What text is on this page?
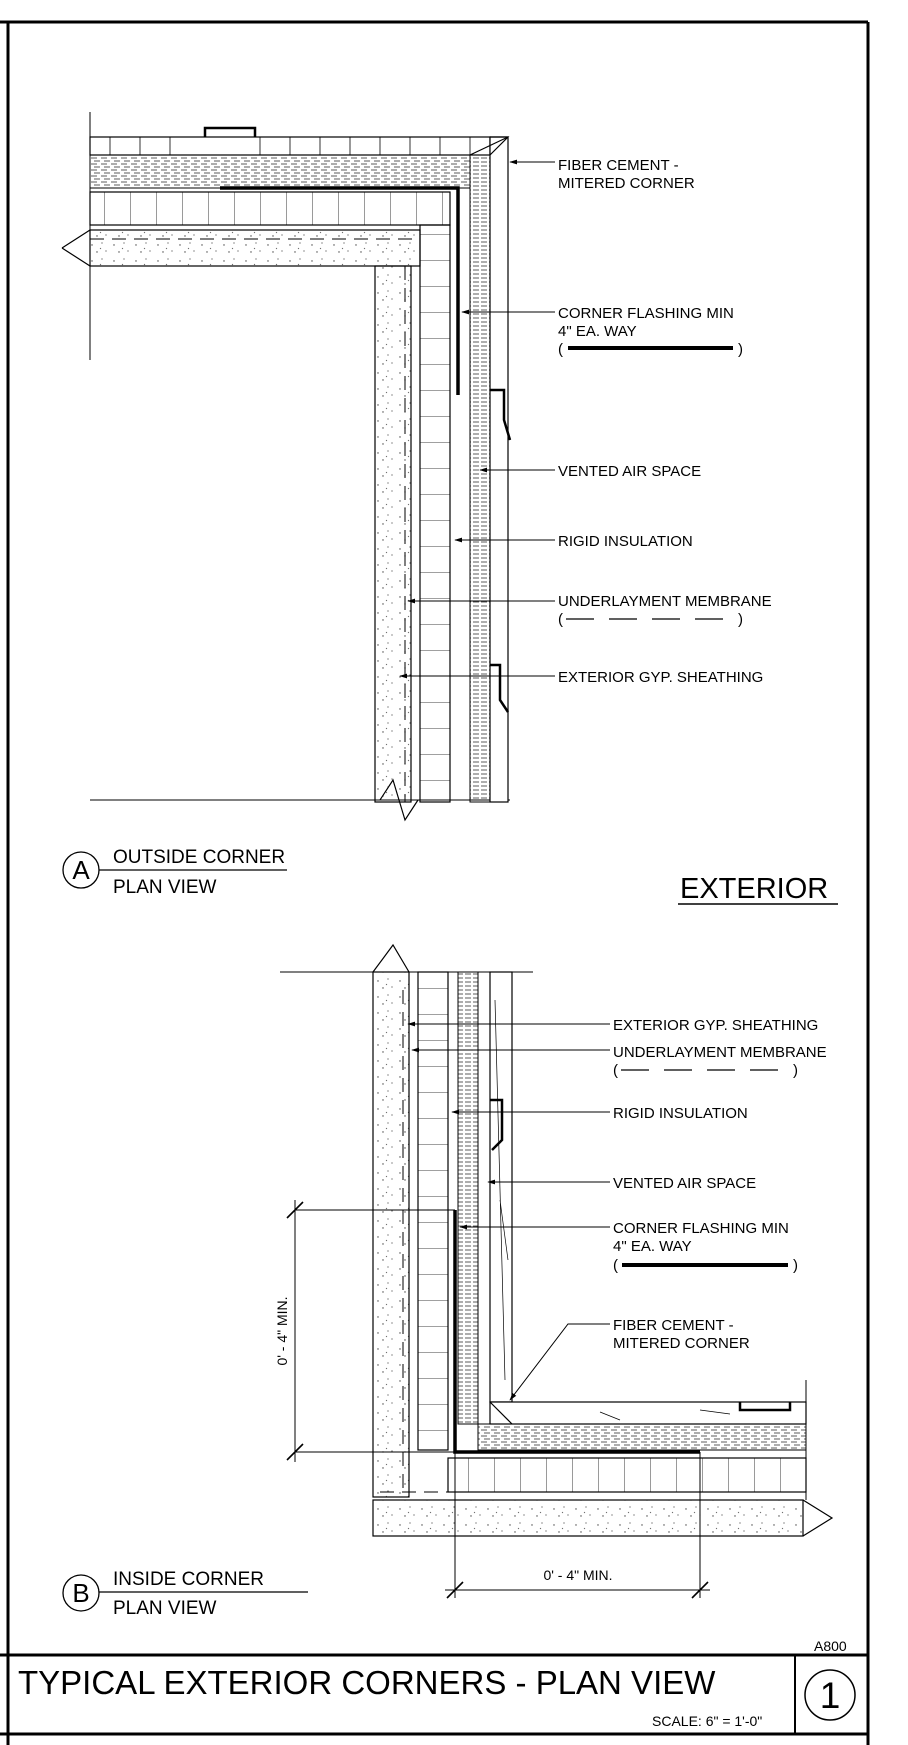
FIBER CEMENT -
MITERED CORNER
CORNER FLASHING MIN
4" EA. WAY
(	)
VENTED AIR SPACE
RIGID INSULATION
UNDERLAYMENT MEMBRANE
(	)
EXTERIOR GYP. SHEATHING
A OUTSIDE CORNER
PLAN VIEW	EXTERIOR
EXTERIOR GYP. SHEATHING
UNDERLAYMENT MEMBRANE
(	)
RIGID INSULATION
VENTED AIR SPACE
CORNER FLASHING MIN
4" EA. WAY
(	)
FIBER CEMENT -
MITERED CORNER
0' - 4" MIN.
0' - 4" MIN.
B INSIDE CORNER
PLAN VIEW
A800
TYPICAL EXTERIOR CORNERS - PLAN VIEW
SCALE: 6" = 1'-0"
1
